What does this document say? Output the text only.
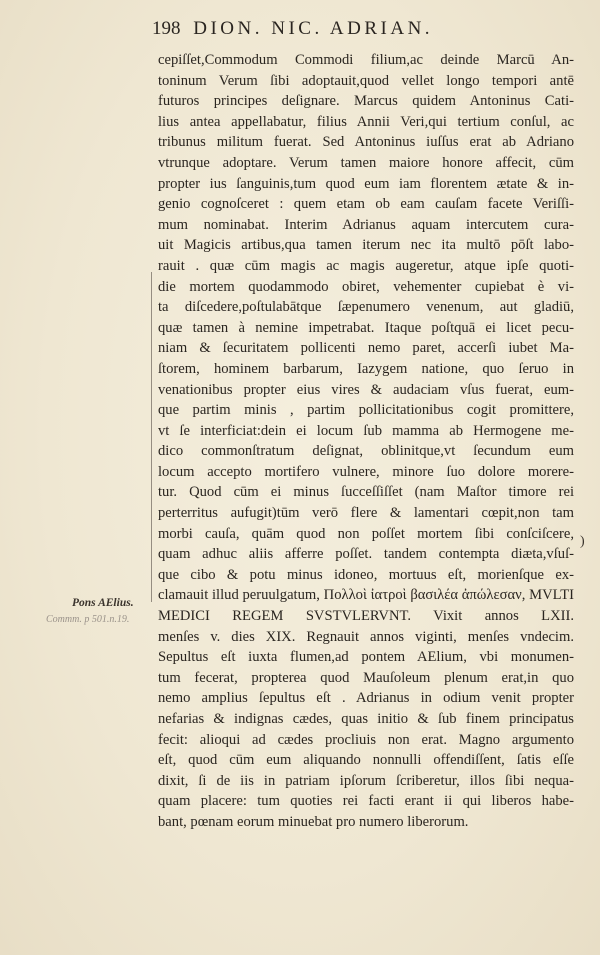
198 DION. NIC. ADRIAN.
Pons AElius.
Commm. p 501.n.19.
)
cepiſſet,Commodum Commodi filium,ac deinde Marcū An-
toninum Verum ſibi adoptauit,quod vellet longo tempori antē
futuros principes deſignare. Marcus quidem Antoninus Cati-
lius antea appellabatur, filius Annii Veri,qui tertium conſul, ac
tribunus militum fuerat. Sed Antoninus iuſſus erat ab Adriano
vtrunque adoptare. Verum tamen maiore honore affecit, cūm
propter ius ſanguinis,tum quod eum iam florentem ætate & in-
genio cognoſceret : quem etam ob eam cauſam facete Veriſſi-
mum nominabat. Interim Adrianus aquam intercutem cura-
uit Magicis artibus,qua tamen iterum nec ita multō pōſt labo-
rauit . quæ cūm magis ac magis augeretur, atque ipſe quoti-
die mortem quodammodo obiret, vehementer cupiebat è vi-
ta diſcedere,poſtulabātque ſæpenumero venenum, aut gladiū,
quæ tamen à nemine impetrabat. Itaque poſtquā ei licet pecu-
niam & ſecuritatem pollicenti nemo paret, accerſi iubet Ma-
ſtorem, hominem barbarum, Iazygem natione, quo ſeruo in
venationibus propter eius vires & audaciam vſus fuerat, eum-
que partim minis , partim pollicitationibus cogit promittere,
vt ſe interficiat:dein ei locum ſub mamma ab Hermogene me-
dico commonſtratum deſignat, oblinitque,vt ſecundum eum
locum accepto mortifero vulnere, minore ſuo dolore morere-
tur. Quod cūm ei minus ſucceſſiſſet (nam Maſtor timore rei
perterritus aufugit)tūm verō flere & lamentari cœpit,non tam
morbi cauſa, quām quod non poſſet mortem ſibi conſciſcere,
quam adhuc aliis afferre poſſet. tandem contempta diæta,vſuſ-
que cibo & potu minus idoneo, mortuus eſt, morienſque ex-
clamauit illud peruulgatum, Πολλοὶ ἰατροὶ βασιλέα ἀπώλεσαν, MVLTI
MEDICI REGEM SVSTVLERVNT. Vixit annos LXII.
menſes v. dies XIX. Regnauit annos viginti, menſes vndecim.
Sepultus eſt iuxta flumen,ad pontem AElium, vbi monumen-
tum fecerat, propterea quod Mauſoleum plenum erat,in quo
nemo amplius ſepultus eſt . Adrianus in odium venit propter
nefarias & indignas cædes, quas initio & ſub finem principatus
fecit: alioqui ad cædes procliuis non erat. Magno argumento
eſt, quod cūm eum aliquando nonnulli offendiſſent, ſatis eſſe
dixit, ſi de iis in patriam ipſorum ſcriberetur, illos ſibi nequa-
quam placere: tum quoties rei facti erant ii qui liberos habe-
bant, pœnam eorum minuebat pro numero liberorum.
